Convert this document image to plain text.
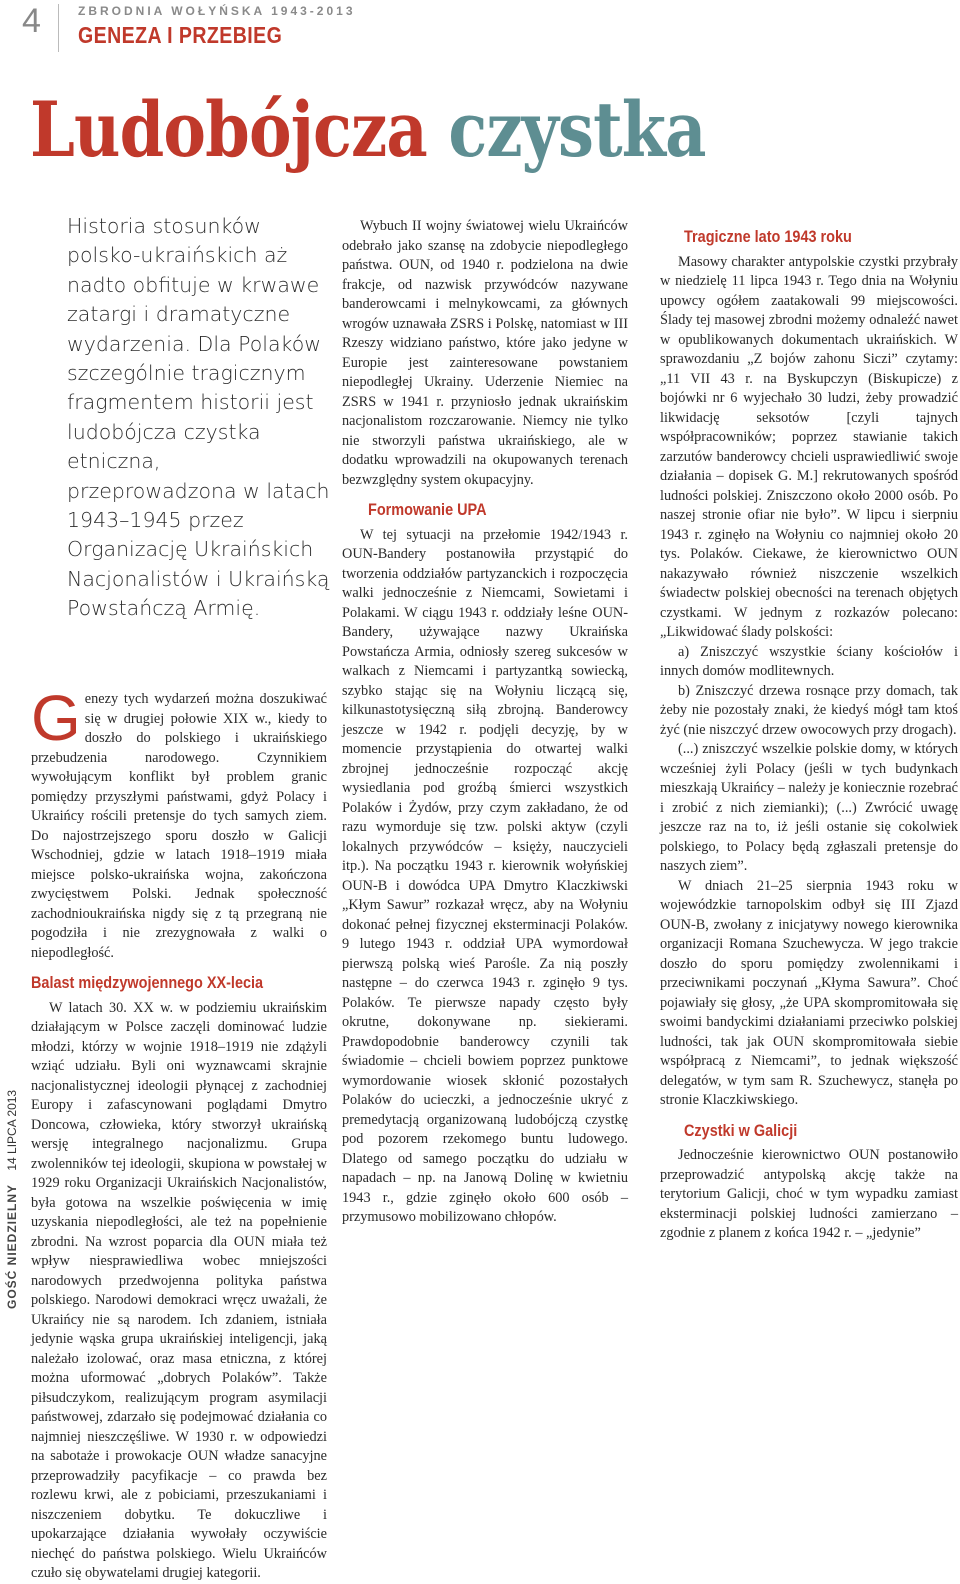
4	ZBRODNIA WOŁYŃSKA 1943-2013
GENEZA I PRZEBIEG
Ludobójcza czystka
GOŚĆ NIEDZIELNY 14 LIPCA 2013
Historia stosunków polsko-ukraińskich aż nadto obfituje w krwawe zatargi i dramatyczne wydarzenia. Dla Polaków szczególnie tragicznym fragmentem historii jest ludobójcza czystka etniczna, przeprowadzona w latach 1943–1945 przez Organizację Ukraińskich Nacjonalistów i Ukraińską Powstańczą Armię.

Genezy tych wydarzeń można doszukiwać się w drugiej połowie XIX w., kiedy to doszło do polskiego i ukraińskiego przebudzenia narodowego. Czynnikiem wywołującym konflikt był problem granic pomiędzy przyszłymi państwami, gdyż Polacy i Ukraińcy rościli pretensje do tych samych ziem. Do najostrzejszego sporu doszło w Galicji Wschodniej, gdzie w latach 1918–1919 miała miejsce polsko-ukraińska wojna, zakończona zwycięstwem Polski. Jednak społeczność zachodnioukraińska nigdy się z tą przegraną nie pogodziła i nie zrezygnowała z walki o niepodległość.

Balast międzywojennego XX-lecia

W latach 30. XX w. w podziemiu ukraińskim działającym w Polsce zaczęli dominować ludzie młodzi, którzy w wojnie 1918–1919 nie zdążyli wziąć udziału. Byli oni wyznawcami skrajnie nacjonalistycznej ideologii płynącej z zachodniej Europy i zafascynowani poglądami Dmytro Doncowa, człowieka, który stworzył ukraińską wersję integralnego nacjonalizmu. Grupa zwolenników tej ideologii, skupiona w powstałej w 1929 roku Organizacji Ukraińskich Nacjonalistów, była gotowa na wszelkie poświęcenia w imię uzyskania niepodległości, ale też na popełnienie zbrodni. Na wzrost poparcia dla OUN miała też wpływ niesprawiedliwa wobec mniejszości narodowych przedwojenna polityka państwa polskiego. Narodowi demokraci wręcz uważali, że Ukraińcy nie są narodem. Ich zdaniem, istniała jedynie wąska grupa ukraińskiej inteligencji, jaką należało izolować, oraz masa etniczna, z której można uformować „dobrych Polaków”. Także piłsudczykom, realizującym program asymilacji państwowej, zdarzało się podejmować działania co najmniej nieszczęśliwe. W 1930 r. w odpowiedzi na sabotaże i prowokacje OUN władze sanacyjne przeprowadziły pacyfikacje – co prawda bez rozlewu krwi, ale z pobiciami, przeszukaniami i niszczeniem dobytku. Te dokuczliwe i upokarzające działania wywołały oczywiście niechęć do państwa polskiego. Wielu Ukraińców czuło się obywatelami drugiej kategorii.

Wybuch II wojny światowej wielu Ukraińców odebrało jako szansę na zdobycie niepodległego państwa. OUN, od 1940 r. podzielona na dwie frakcje, od nazwisk przywódców nazywane banderowcami i melnykowcami, za głównych wrogów uznawała ZSRS i Polskę, natomiast w III Rzeszy widziano państwo, które jako jedyne w Europie jest zainteresowane powstaniem niepodległej Ukrainy. Uderzenie Niemiec na ZSRS w 1941 r. przyniosło jednak ukraińskim nacjonalistom rozczarowanie. Niemcy nie tylko nie stworzyli państwa ukraińskiego, ale w dodatku wprowadzili na okupowanych terenach bezwzględny system okupacyjny.

Formowanie UPA

W tej sytuacji na przełomie 1942/1943 r. OUN-Bandery postanowiła przystąpić do tworzenia oddziałów partyzanckich i rozpoczęcia walki jednocześnie z Niemcami, Sowietami i Polakami. W ciągu 1943 r. oddziały leśne OUN-Bandery, używające nazwy Ukraińska Powstańcza Armia, odniosły szereg sukcesów w walkach z Niemcami i partyzantką sowiecką, szybko stając się na Wołyniu liczącą się, kilkunastotysięczną siłą zbrojną. Banderowcy jeszcze w 1942 r. podjęli decyzję, by w momencie przystąpienia do otwartej walki zbrojnej jednocześnie rozpocząć akcję wysiedlania pod groźbą śmierci wszystkich Polaków i Żydów, przy czym zakładano, że od razu wymorduje się tzw. polski aktyw (czyli lokalnych przywódców – księży, nauczycieli itp.). Na początku 1943 r. kierownik wołyńskiej OUN-B i dowódca UPA Dmytro Klaczkiwski „Kłym Sawur” rozkazał wręcz, aby na Wołyniu dokonać pełnej fizycznej eksterminacji Polaków. 9 lutego 1943 r. oddział UPA wymordował pierwszą polską wieś Parośle. Za nią poszły następne – do czerwca 1943 r. zginęło 9 tys. Polaków. Te pierwsze napady często były okrutne, dokonywane np. siekierami. Prawdopodobnie banderowcy czynili tak świadomie – chcieli bowiem poprzez punktowe wymordowanie wiosek skłonić pozostałych Polaków do ucieczki, a jednocześnie ukryć z premedytacją organizowaną ludobójczą czystkę pod pozorem rzekomego buntu ludowego. Dlatego od samego początku do udziału w napadach – np. na Janową Dolinę w kwietniu 1943 r., gdzie zginęło około 600 osób – przymusowo mobilizowano chłopów.

Tragiczne lato 1943 roku

Masowy charakter antypolskie czystki przybrały w niedzielę 11 lipca 1943 r. Tego dnia na Wołyniu upowcy ogółem zaatakowali 99 miejscowości. Ślady tej masowej zbrodni możemy odnaleźć nawet w opublikowanych dokumentach ukraińskich. W sprawozdaniu „Z bojów zahonu Siczi” czytamy: „11 VII 43 r. na Byskupczyn (Biskupicze) z bojówki nr 6 wyjechało 30 ludzi, żeby prowadzić likwidację seksotów [czyli tajnych współpracowników; poprzez stawianie takich zarzutów banderowcy chcieli usprawiedliwić swoje działania – dopisek G. M.] rekrutowanych spośród ludności polskiej. Zniszczono około 2000 osób. Po naszej stronie ofiar nie było”. W lipcu i sierpniu 1943 r. zginęło na Wołyniu co najmniej około 20 tys. Polaków. Ciekawe, że kierownictwo OUN nakazywało również niszczenie wszelkich świadectw polskiej obecności na terenach objętych czystkami. W jednym z rozkazów polecano: „Likwidować ślady polskości:

a) Zniszczyć wszystkie ściany kościołów i innych domów modlitewnych.

b) Zniszczyć drzewa rosnące przy domach, tak żeby nie pozostały znaki, że kiedyś mógł tam ktoś żyć (nie niszczyć drzew owocowych przy drogach).

(...) zniszczyć wszelkie polskie domy, w których wcześniej żyli Polacy (jeśli w tych budynkach mieszkają Ukraińcy – należy je koniecznie rozebrać i zrobić z nich ziemianki); (...) Zwrócić uwagę jeszcze raz na to, iż jeśli ostanie się cokolwiek polskiego, to Polacy będą zgłaszali pretensje do naszych ziem”.

W dniach 21–25 sierpnia 1943 roku w wojewódzkie tarnopolskim odbył się III Zjazd OUN-B, zwołany z inicjatywy nowego kierownika organizacji Romana Szuchewycza. W jego trakcie doszło do sporu pomiędzy zwolennikami i przeciwnikami poczynań „Kłyma Sawura”. Choć pojawiały się głosy, „że UPA skompromitowała się swoimi bandyckimi działaniami przeciwko polskiej ludności, tak jak OUN skompromitowała siebie współpracą z Niemcami”, to jednak większość delegatów, w tym sam R. Szuchewycz, stanęła po stronie Klaczkiwskiego.

Czystki w Galicji

Jednocześnie kierownictwo OUN postanowiło przeprowadzić antypolską akcję także na terytorium Galicji, choć w tym wypadku zamiast eksterminacji polskiej ludności zamierzano – zgodnie z planem z końca 1942 r. – „jedynie”
